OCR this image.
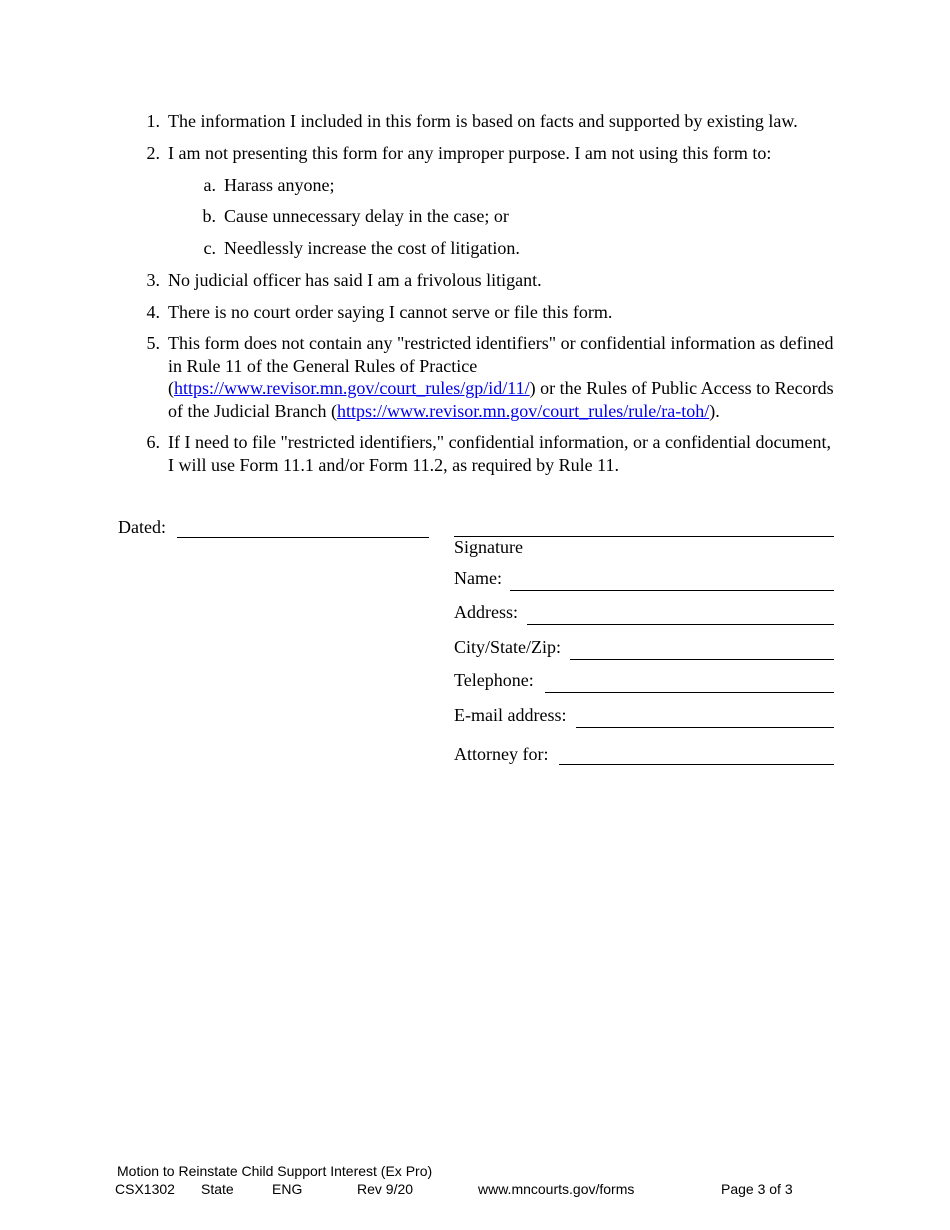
1. The information I included in this form is based on facts and supported by existing law.
2. I am not presenting this form for any improper purpose. I am not using this form to:
a. Harass anyone;
b. Cause unnecessary delay in the case; or
c. Needlessly increase the cost of litigation.
3. No judicial officer has said I am a frivolous litigant.
4. There is no court order saying I cannot serve or file this form.
5. This form does not contain any "restricted identifiers" or confidential information as defined in Rule 11 of the General Rules of Practice (https://www.revisor.mn.gov/court_rules/gp/id/11/) or the Rules of Public Access to Records of the Judicial Branch (https://www.revisor.mn.gov/court_rules/rule/ra-toh/).
6. If I need to file "restricted identifiers," confidential information, or a confidential document, I will use Form 11.1 and/or Form 11.2, as required by Rule 11.
Dated:
Signature
Name:
Address:
City/State/Zip:
Telephone:
E-mail address:
Attorney for:
Motion to Reinstate Child Support Interest (Ex Pro)
CSX1302 State	ENG	Rev 9/20	www.mncourts.gov/forms	Page 3 of 3
